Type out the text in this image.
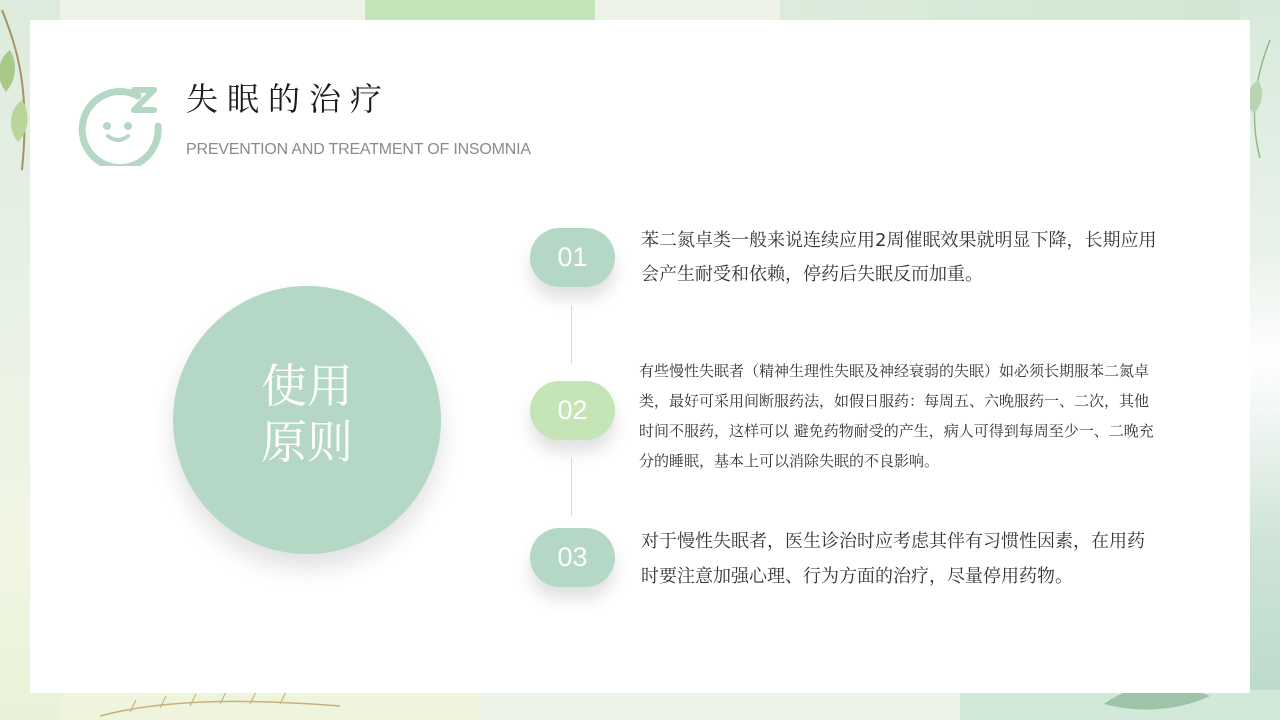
失眠的治疗
PREVENTION AND TREATMENT OF INSOMNIA
使用
原则
01
02
03
苯二氮卓类一般来说连续应用2周催眠效果就明显下降，长期应用会产生耐受和依赖，停药后失眠反而加重。
有些慢性失眠者（精神生理性失眠及神经衰弱的失眠）如必须长期服苯二氮卓类，最好可采用间断服药法，如假日服药：每周五、六晚服药一、二次，其他时间不服药，这样可以 避免药物耐受的产生，病人可得到每周至少一、二晚充分的睡眠，基本上可以消除失眠的不良影响。
对于慢性失眠者，医生诊治时应考虑其伴有习惯性因素，在用药时要注意加强心理、行为方面的治疗，尽量停用药物。
